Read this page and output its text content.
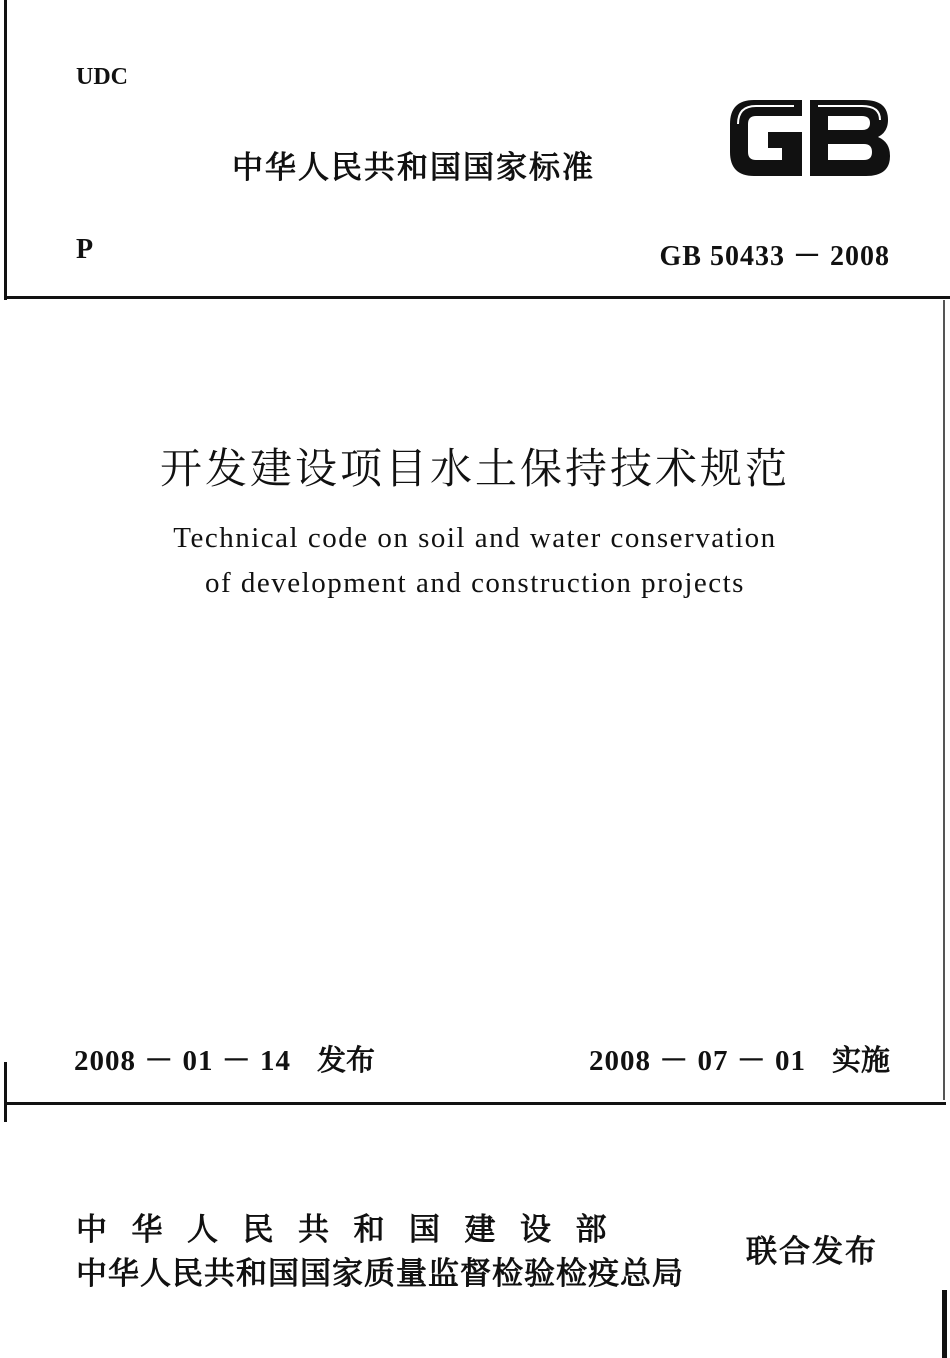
UDC
中华人民共和国国家标准
P	GB 50433 － 2008
开发建设项目水土保持技术规范
Technical code on soil and water conservation
of development and construction projects
2008 － 01 － 14 发布	2008 － 07 － 01 实施
中华人民共和国建设部
中华人民共和国国家质量监督检验检疫总局
联合发布
